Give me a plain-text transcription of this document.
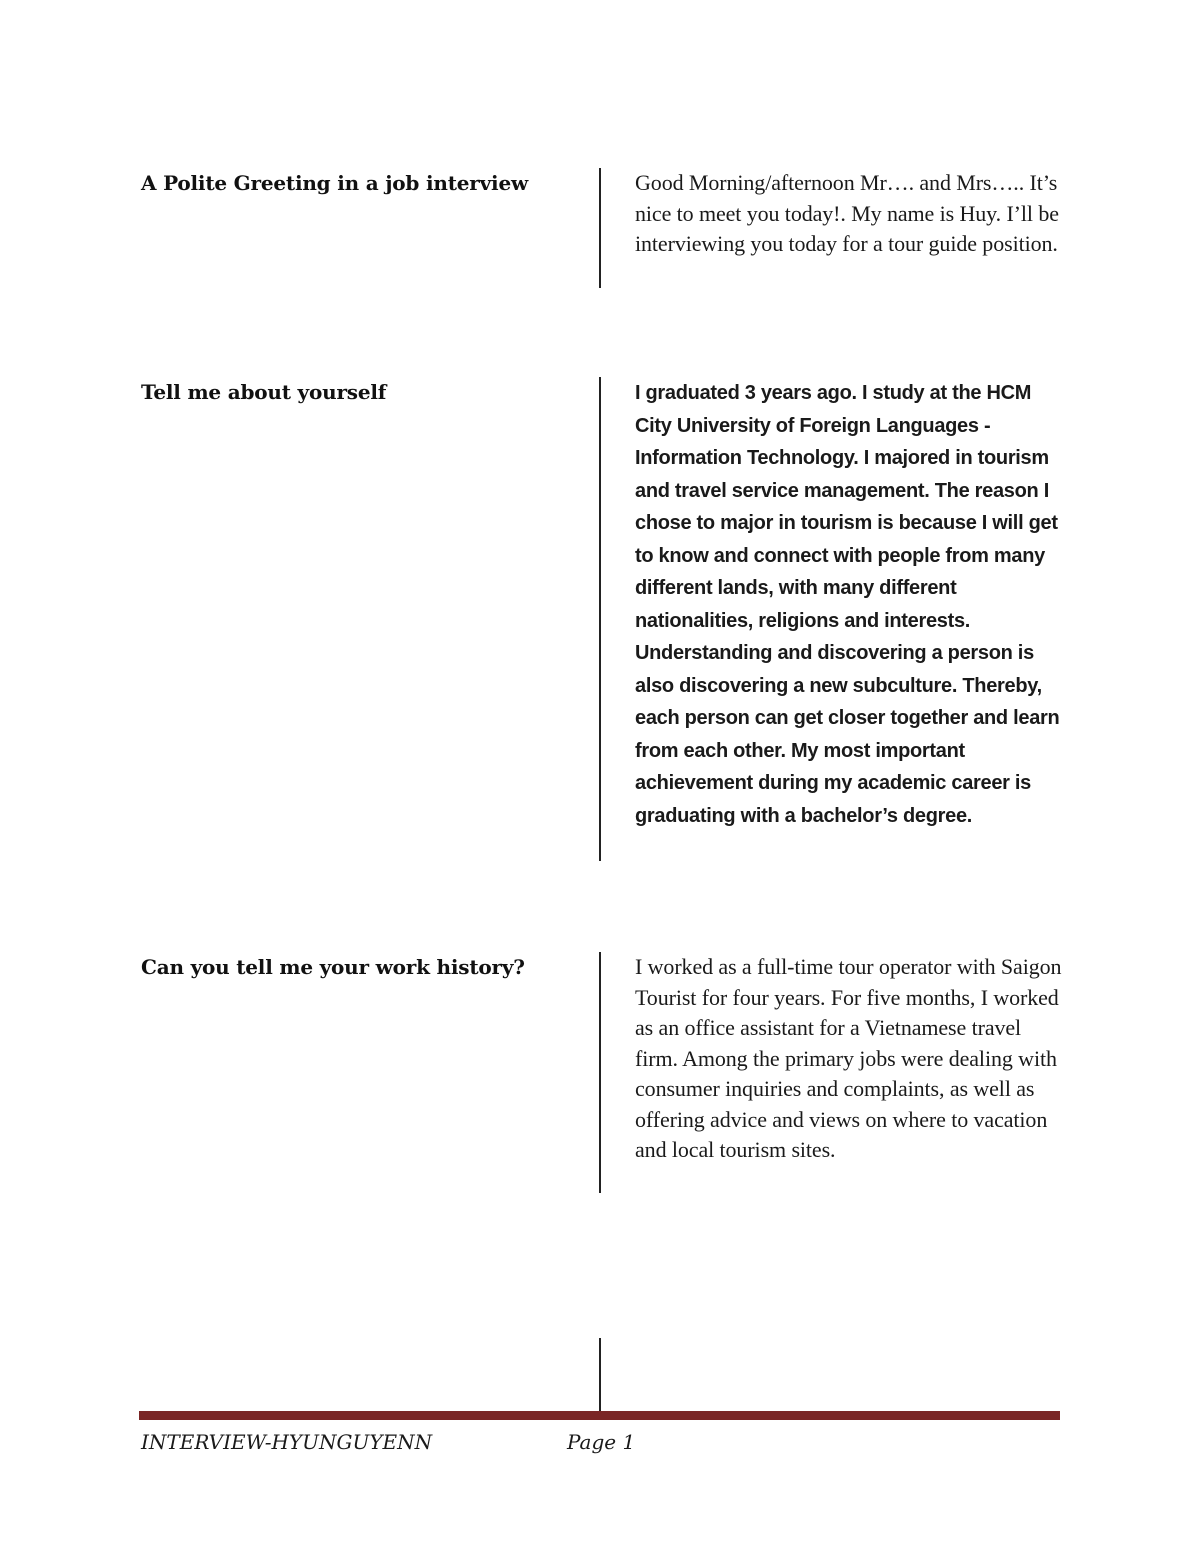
A Polite Greeting in a job interview	Good Morning/afternoon Mr…. and Mrs….. It’s nice to meet you today!. My name is Huy. I’ll be interviewing you today for a tour guide position.

Tell me about yourself	I graduated 3 years ago. I study at the HCM City University of Foreign Languages - Information Technology. I majored in tourism and travel service management. The reason I chose to major in tourism is because I will get to know and connect with people from many different lands, with many different nationalities, religions and interests. Understanding and discovering a person is also discovering a new subculture. Thereby, each person can get closer together and learn from each other. My most important achievement during my academic career is graduating with a bachelor’s degree.

Can you tell me your work history?	I worked as a full-time tour operator with Saigon Tourist for four years. For five months, I worked as an office assistant for a Vietnamese travel firm. Among the primary jobs were dealing with consumer inquiries and complaints, as well as offering advice and views on where to vacation and local tourism sites.

INTERVIEW-HYUNGUYENN	Page 1
